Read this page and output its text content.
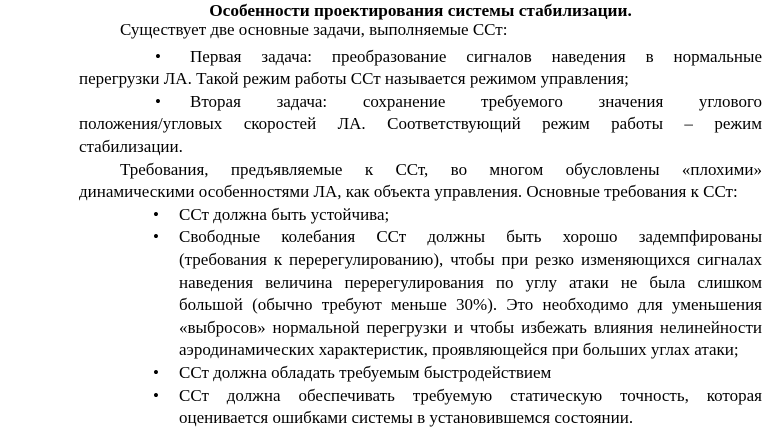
Особенности проектирования системы стабилизации.
Существует две основные задачи, выполняемые ССт:
• Первая задача: преобразование сигналов наведения в нормальные
перегрузки ЛА. Такой режим работы ССт называется режимом управления;
• Вторая задача: сохранение требуемого значения углового
положения/угловых скоростей ЛА. Соответствующий режим работы – режим
стабилизации.
Требования, предъявляемые к ССт, во многом обусловлены «плохими»
динамическими особенностями ЛА, как объекта управления. Основные требования к ССт:
• ССт должна быть устойчива;
• Свободные колебания ССт должны быть хорошо задемпфированы
(требования к перерегулированию), чтобы при резко изменяющихся сигналах
наведения величина перерегулирования по углу атаки не была слишком
большой (обычно требуют меньше 30%). Это необходимо для уменьшения
«выбросов» нормальной перегрузки и чтобы избежать влияния нелинейности
аэродинамических характеристик, проявляющейся при больших углах атаки;
• ССт должна обладать требуемым быстродействием
• ССт должна обеспечивать требуемую статическую точность, которая
оценивается ошибками системы в установившемся состоянии.
